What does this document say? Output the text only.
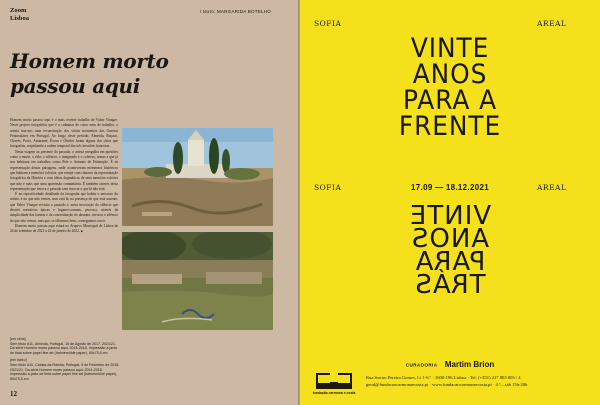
Zoom
Lisboa
/ texto: MARGARIDA BOTELHO
Homem morto
passou aqui

[em cima]
Sem título #11, Almeida, Portugal, 16 de Agosto de 2017, 2021/21. Da série Homem morto passou aqui, 2014-2018. Impressão a jacto de tinta sobre papel fine art (hahnemühle paper), 80x75,5 cm

[em baixo]
Sem título #10, Caldas da Rainha, Portugal, 9 de Fevereiro de 2018, 2021/21. Da série Homem morto passou aqui, 2014-2018. Impressão a jacto de tinta sobre papel fine art (hahnemühle paper), 80x75,5 cm

Homem morto passou aqui é o mais recente trabalho de Valter Vinagre. Neste projeto fotográfico que é o culminar de cinco anos de trabalho, o artista traz-nos uma reconstrução dos vários momentos das Guerras Peninsulares em Portugal. Ao longo deste período, Almeida, Buçaco, Chaves, Porto, Amarante, Évora e Óbidos foram alguns dos sítios que fotografou, respeitando a ordem temporal das três invasões francesas.

Nesta viagem ao presente do passado, o artista mergulha em questões como a morte, a vida, o silêncio, o imaginado e o coletivo, temas a que já nos habituou em trabalhos como Pele e Animais de Estimação. É na representação destas paisagens, onde aconteceram momentos históricos que habitam a memória coletiva, que rompe com cânones da representação fotográfica da História e com ideias dogmáticas de uma memória coletiva que não é mais que uma apreensão comunitária. É também através desta representação que invoca o passado sem invocar o que lá não está.

É na especificidade detalhada da fotografia que habita o universo do artista, é no que não vemos, mas está lá, na presença do que está ausente, que Valter Vinagre revisita o passado e, nesta invocação do silêncio que destrói narrativas épicas e lugares-comuns, provoca, através da simplicidade das formas e da concretização do abstrato, invocar o silêncio do que não vemos, mas que, se olharmos bem, conseguimos ouvir.

Homem morto passou aqui estará no Arquivo Municipal de Lisboa de 24 de setembro de 2021 a 22 de janeiro de 2022. ∎

12
SOFIA	AREAL
VINTE
ANOS
PARA A
FRENTE
SOFIA	17.09 — 18.12.2021	AREAL
VINTE
ANOS
PARA
TRÁS
CURADORIA Martim Brion
fundação carmona e costa
Rua Soeiro Pereira Gomes, Lt 1-6.º · 1600-196 Lisboa · Tel. (+351) 217 803 003 / 4
geral@fundacaocarmonaecosta.pt · www.fundacaocarmonaecosta.pt · 4.ª—sáb 15h-20h
